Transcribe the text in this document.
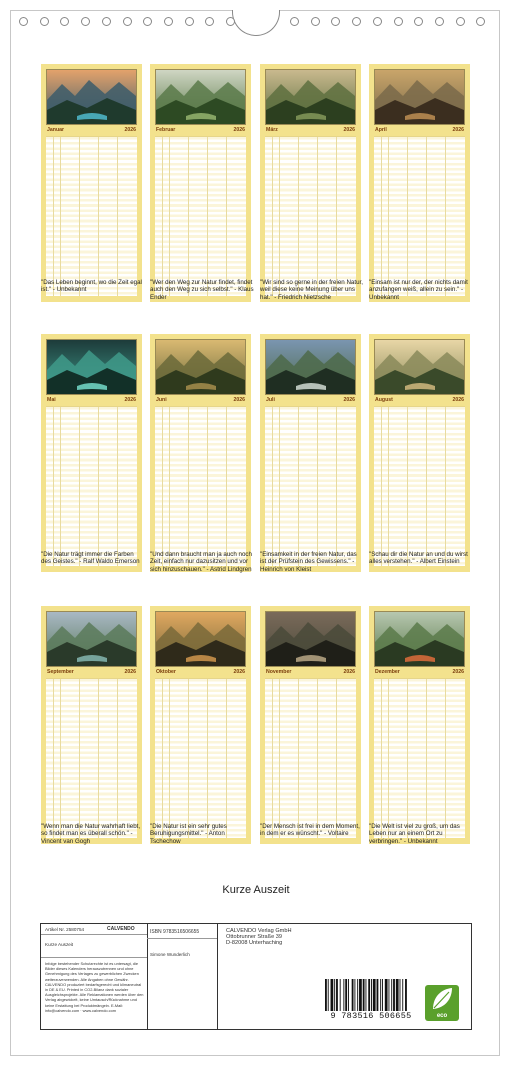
Januar	2026
"Das Leben beginnt, wo die Zeit egal ist." - Unbekannt
Februar	2026
"Wer den Weg zur Natur findet, findet auch den Weg zu sich selbst." - Klaus Ender
März	2026
"Wir sind so gerne in der freien Natur, weil diese keine Meinung über uns hat." - Friedrich Nietzsche
April	2026
"Einsam ist nur der, der nichts damit anzufangen weiß, allein zu sein." - Unbekannt
Mai	2026
"Die Natur trägt immer die Farben des Geistes." - Ralf Waldo Emerson
Juni	2026
"Und dann braucht man ja auch noch Zeit, einfach nur dazusitzen und vor sich hinzuschauen." - Astrid Lindgren
Juli	2026
"Einsamkeit in der freien Natur, das ist der Prüfstein des Gewissens." - Heinrich von Kleist
August	2026
"Schau dir die Natur an und du wirst alles verstehen." - Albert Einstein
September	2026
"Wenn man die Natur wahrhaft liebt, so findet man es überall schön." - Vincent van Gogh
Oktober	2026
"Die Natur ist ein sehr gutes Beruhigungsmittel." - Anton Tschechow
November	2026
"Der Mensch ist frei in dem Moment, in dem er es wünscht." - Voltaire
Dezember	2026
"Die Welt ist viel zu groß, um das Leben nur an einem Ort zu verbringen." - Unbekannt
Kurze Auszeit
Artikel Nr. 2580754	CALVENDO
Kurze Auszeit
Infolge bestehender Schutzrechte ist es untersagt, die Bilder dieses Kalenders herauszutrennen und ohne Genehmigung des Verlages zu gewerblichen Zwecken weiterzuverwenden. Alle Angaben ohne Gewähr. CALVENDO produziert bedarfsgerecht und klimaneutral in DE & EU. Printed in CO2-Bilanz dank sozialer Ausgleichsprojekte. Alle Reklamationen werden über den Verlag abgewickelt, keine Umtausch/Rücknahme und keine Erstattung bei Produktmängeln. E-Mail: info@calvendo.com · www.calvendo.com
ISBN 9783516506655
Simone Wunderlich
CALVENDO Verlag GmbH
Ottobrunner Straße 39
D-82008 Unterhaching
9 783516 506655	eco
